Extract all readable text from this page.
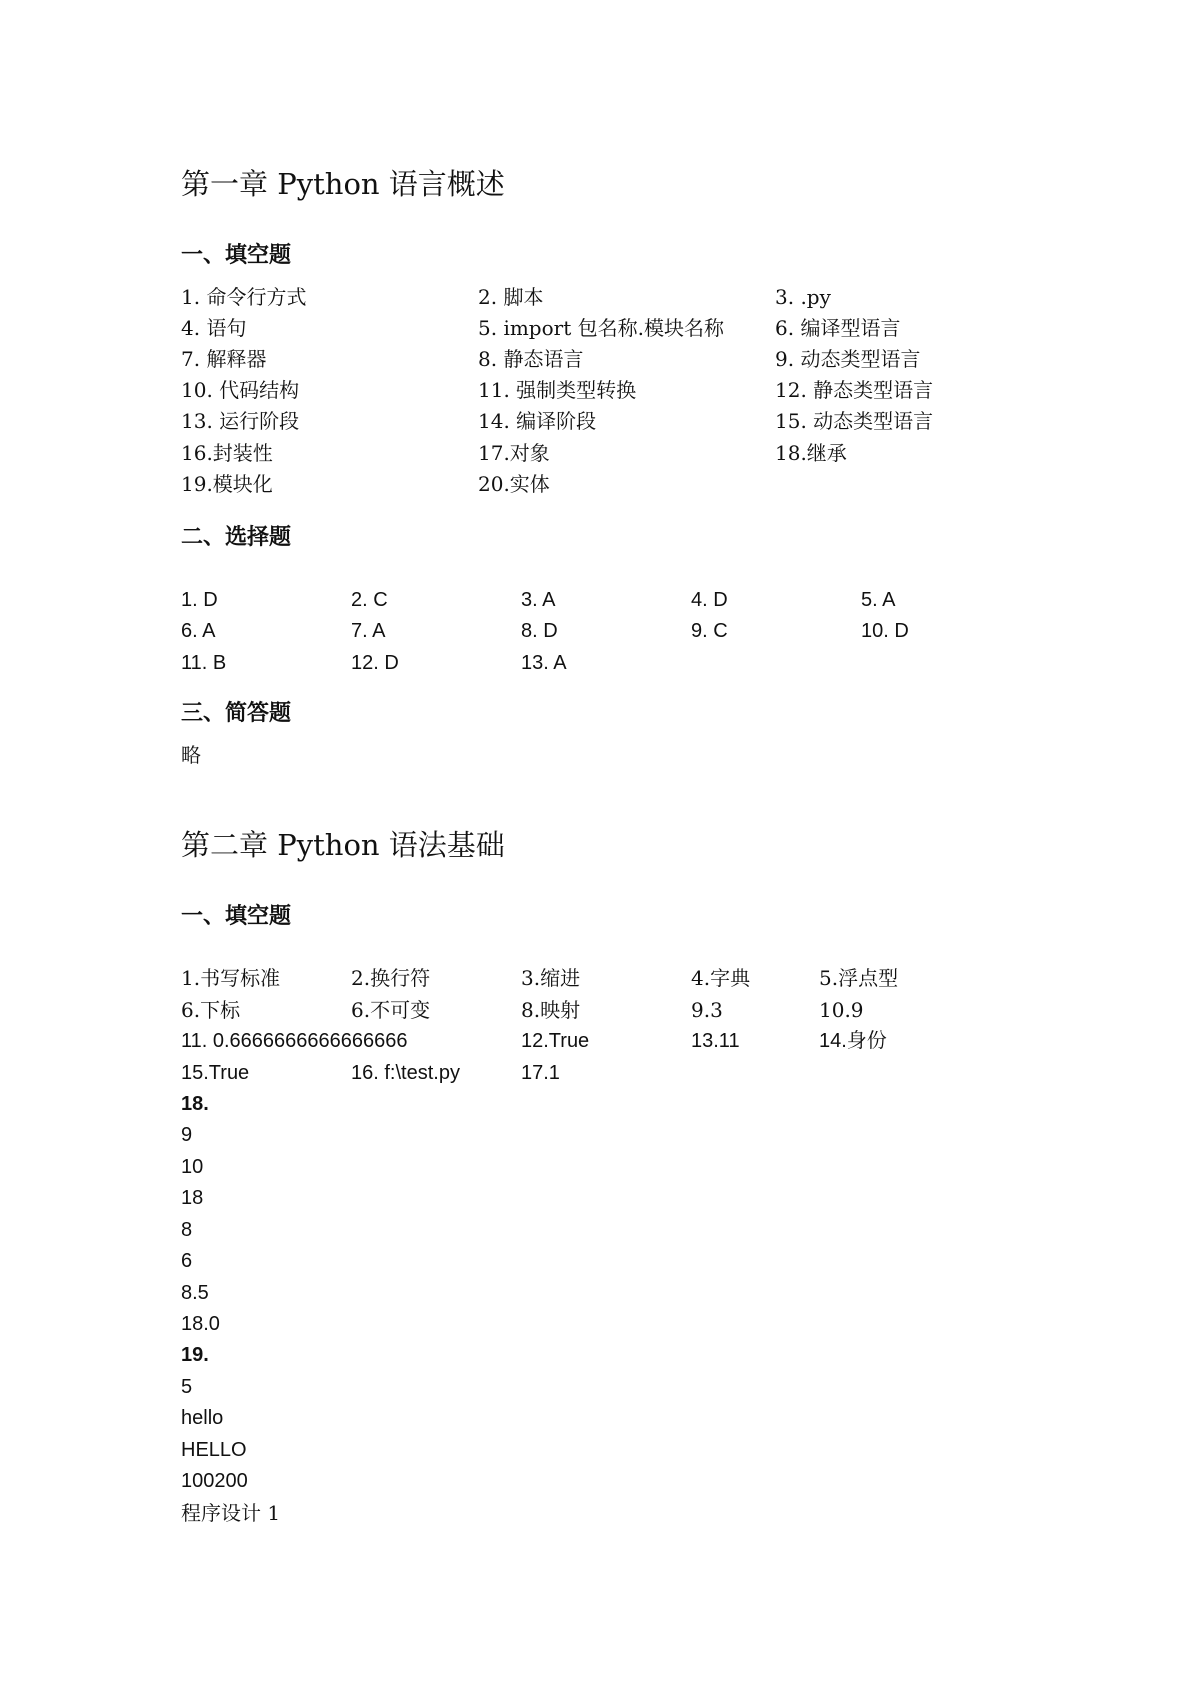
第一章 Python 语言概述
一、填空题
1. 命令行方式	2. 脚本	3. .py
4. 语句	5. import 包名称.模块名称	6. 编译型语言
7. 解释器	8. 静态语言	9. 动态类型语言
10. 代码结构	11. 强制类型转换	12. 静态类型语言
13. 运行阶段	14. 编译阶段	15. 动态类型语言
16.封装性	17.对象	18.继承
19.模块化	20.实体
二、选择题
1. D	2. C	3. A	4. D	5. A
6. A	7. A	8. D	9. C	10. D
11. B	12. D	13. A
三、简答题
略
第二章 Python 语法基础
一、填空题
1.书写标准	2.换行符	3.缩进	4.字典	5.浮点型
6.下标	6.不可变	8.映射	9.3	10.9
11. 0.6666666666666666	12.True	13.11	14.身份
15.True	16. f:\test.py	17.1
18.
9
10
18
8
6
8.5
18.0
19.
5
hello
HELLO
100200
程序设计 1
